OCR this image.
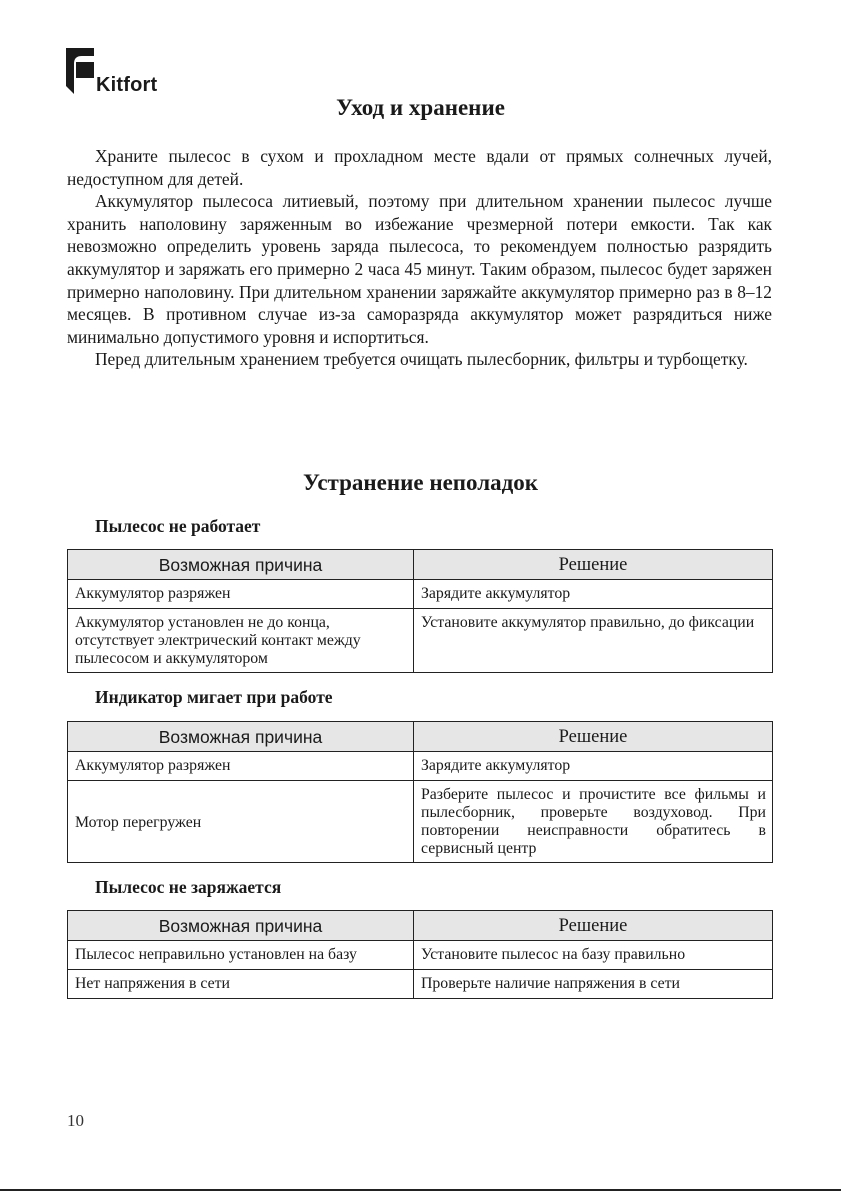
Kitfort
Уход и хранение

Храните пылесос в сухом и прохладном месте вдали от прямых солнечных лучей, недоступном для детей.

Аккумулятор пылесоса литиевый, поэтому при длительном хранении пылесос лучше хранить наполовину заряженным во избежание чрезмерной потери емкости. Так как невозможно определить уровень заряда пылесоса, то рекомендуем полностью разрядить аккумулятор и заряжать его примерно 2 часа 45 минут. Таким образом, пылесос будет заряжен примерно наполовину. При длительном хранении заряжайте аккумулятор примерно раз в 8–12 месяцев. В противном случае из-за саморазряда аккумулятор может разрядиться ниже минимально допустимого уровня и испортиться.

Перед длительным хранением требуется очищать пылесборник, фильтры и турбощетку.

Устранение неполадок
Пылесос не работает
Возможная причина	Решение
Аккумулятор разряжен	Зарядите аккумулятор
Аккумулятор установлен не до конца, отсутствует электрический контакт между пылесосом и аккумулятором	Установите аккумулятор правильно, до фиксации
Индикатор мигает при работе
Возможная причина	Решение
Аккумулятор разряжен	Зарядите аккумулятор
Мотор перегружен	Разберите пылесос и прочистите все фильмы и пылесборник, проверьте воздуховод. При повторении неисправности обратитесь в сервисный центр
Пылесос не заряжается
Возможная причина	Решение
Пылесос неправильно установлен на базу	Установите пылесос на базу правильно
Нет напряжения в сети	Проверьте наличие напряжения в сети
10
